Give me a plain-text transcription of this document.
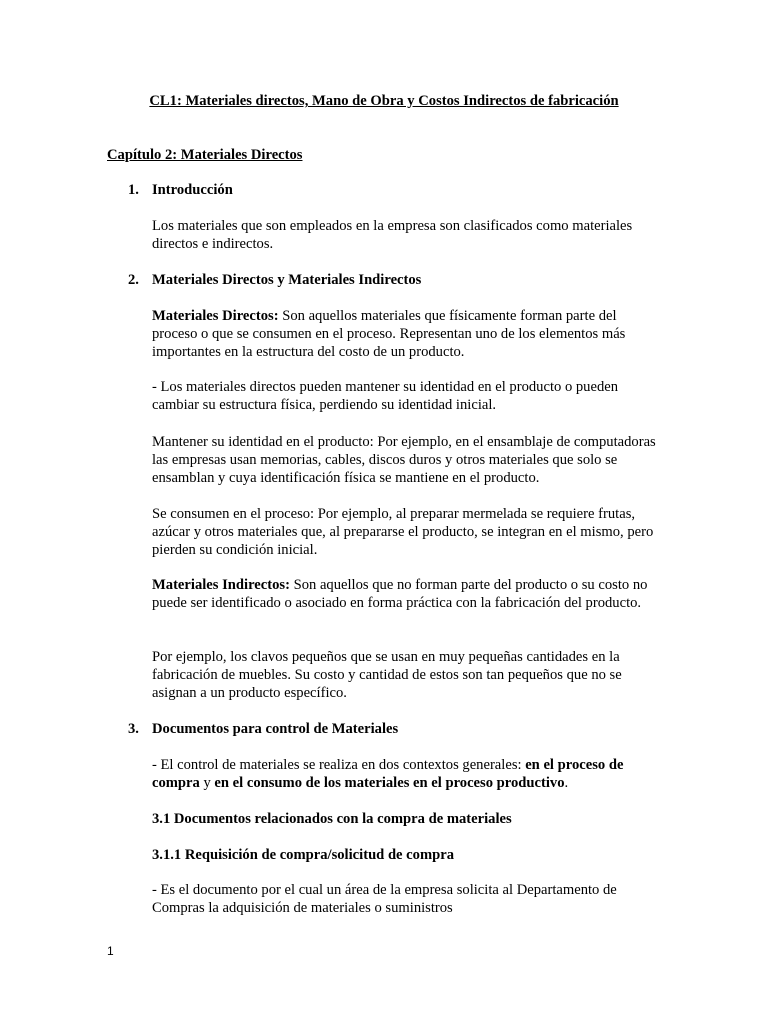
CL1: Materiales directos, Mano de Obra y Costos Indirectos de fabricación
Capítulo 2: Materiales Directos
1. Introducción
Los materiales que son empleados en la empresa son clasificados como materiales directos e indirectos.
2. Materiales Directos y Materiales Indirectos
Materiales Directos: Son aquellos materiales que físicamente forman parte del proceso o que se consumen en el proceso. Representan uno de los elementos más importantes en la estructura del costo de un producto.
- Los materiales directos pueden mantener su identidad en el producto o pueden cambiar su estructura física, perdiendo su identidad inicial.
Mantener su identidad en el producto: Por ejemplo, en el ensamblaje de computadoras las empresas usan memorias, cables, discos duros y otros materiales que solo se ensamblan y cuya identificación física se mantiene en el producto.
Se consumen en el proceso: Por ejemplo, al preparar mermelada se requiere frutas, azúcar y otros materiales que, al prepararse el producto, se integran en el mismo, pero pierden su condición inicial.
Materiales Indirectos: Son aquellos que no forman parte del producto o su costo no puede ser identificado o asociado en forma práctica con la fabricación del producto.
Por ejemplo, los clavos pequeños que se usan en muy pequeñas cantidades en la fabricación de muebles. Su costo y cantidad de estos son tan pequeños que no se asignan a un producto específico.
3. Documentos para control de Materiales
- El control de materiales se realiza en dos contextos generales: en el proceso de compra y en el consumo de los materiales en el proceso productivo.
3.1 Documentos relacionados con la compra de materiales
3.1.1 Requisición de compra/solicitud de compra
- Es el documento por el cual un área de la empresa solicita al Departamento de Compras la adquisición de materiales o suministros
1
